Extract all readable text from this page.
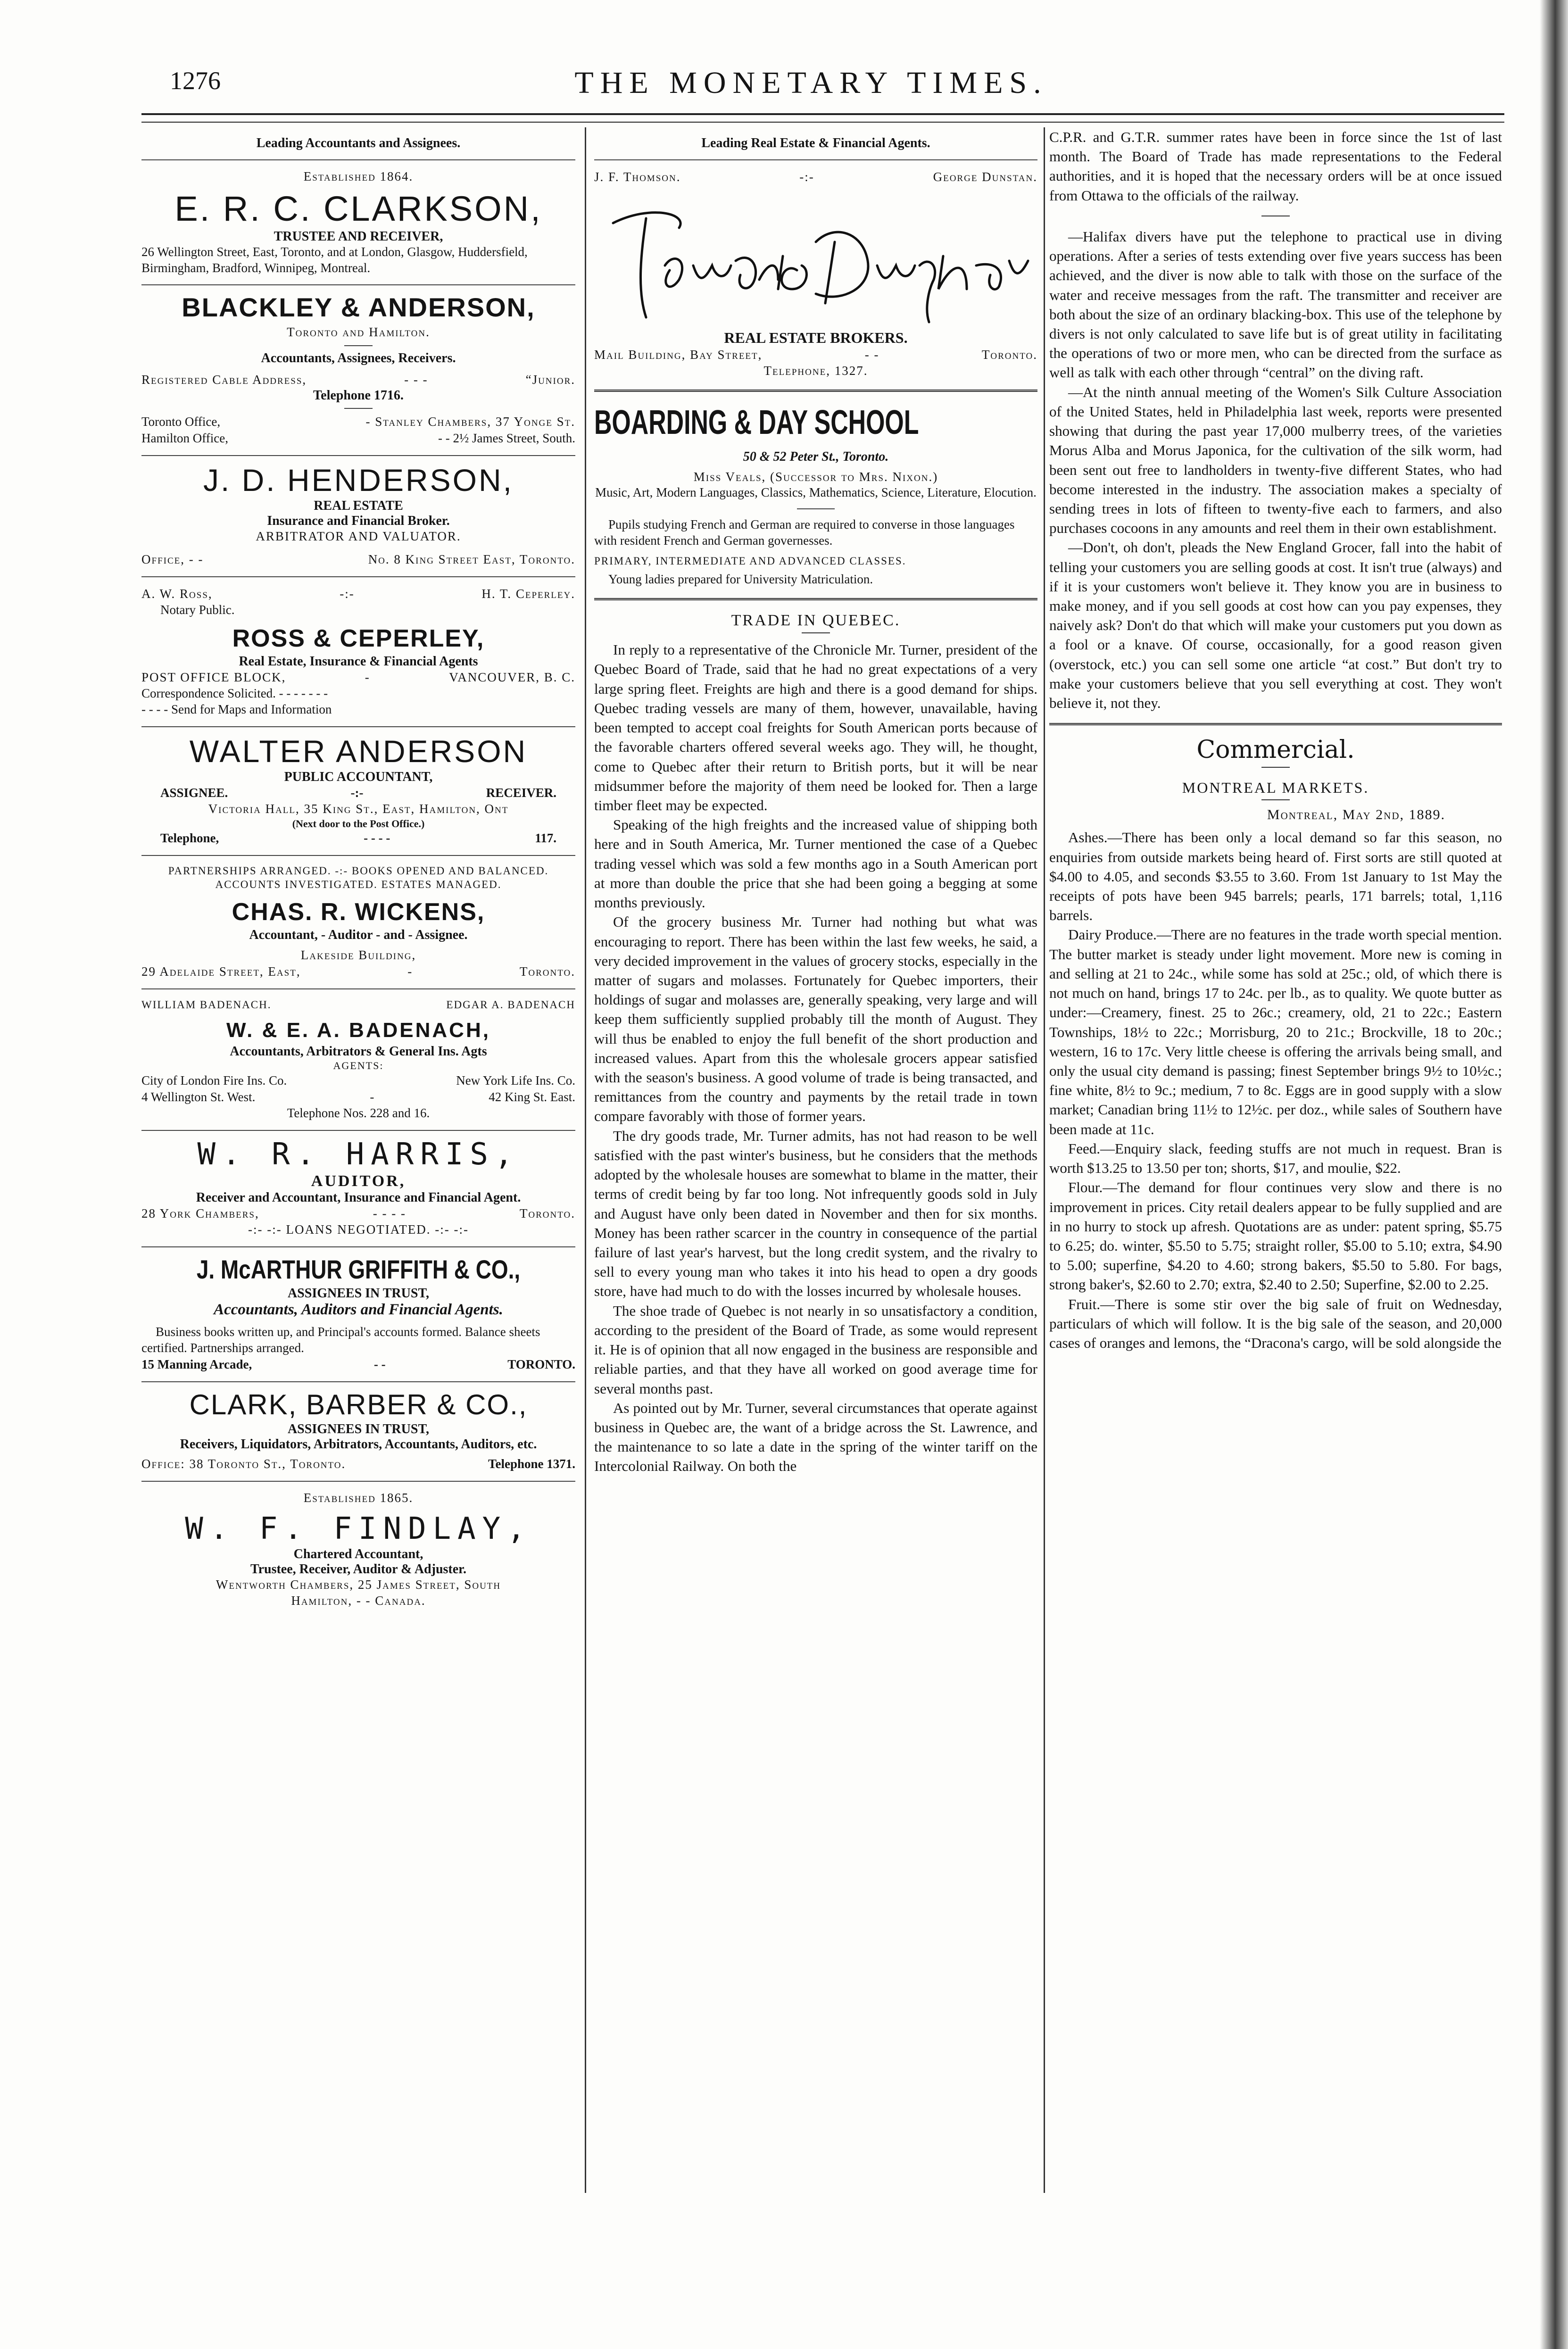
1276	THE MONETARY TIMES.
Leading Accountants and Assignees.
Established 1864.
E. R. C. CLARKSON,
TRUSTEE AND RECEIVER,
26 Wellington Street, East, Toronto, and at London, Glasgow, Huddersfield, Birmingham, Bradford, Winnipeg, Montreal.
BLACKLEY & ANDERSON,
Toronto and Hamilton.
Accountants, Assignees, Receivers.
Registered Cable Address,	- - -	“Junior.
Telephone 1716.
Toronto Office,	- Stanley Chambers, 37 Yonge St.
Hamilton Office,	- - 2½ James Street, South.
J. D. HENDERSON,
REAL ESTATE
Insurance and Financial Broker.
ARBITRATOR AND VALUATOR.
Office, - -	No. 8 King Street East, Toronto.
A. W. Ross,	-:-	H. T. Ceperley.
Notary Public.
ROSS & CEPERLEY,
Real Estate, Insurance & Financial Agents
POST OFFICE BLOCK,	-	VANCOUVER, B. C.
Correspondence Solicited. - - - - - - -
- - - - Send for Maps and Information
WALTER ANDERSON
PUBLIC ACCOUNTANT,
ASSIGNEE.	-:-	RECEIVER.
Victoria Hall, 35 King St., East, Hamilton, Ont
(Next door to the Post Office.)
Telephone,	- - - -	117.
PARTNERSHIPS ARRANGED. -:- BOOKS OPENED AND BALANCED. ACCOUNTS INVESTIGATED. ESTATES MANAGED.
CHAS. R. WICKENS,
Accountant, - Auditor - and - Assignee.
Lakeside Building,
29 Adelaide Street, East,	-	Toronto.
WILLIAM BADENACH.	EDGAR A. BADENACH
W. & E. A. BADENACH,
Accountants, Arbitrators & General Ins. Agts
AGENTS:
City of London Fire Ins. Co.	New York Life Ins. Co.
4 Wellington St. West.	-	42 King St. East.
Telephone Nos. 228 and 16.
W. R. HARRIS,
AUDITOR,
Receiver and Accountant, Insurance and Financial Agent.
28 York Chambers,	- - - -	Toronto.
-:- -:- LOANS NEGOTIATED. -:- -:-
J. McARTHUR GRIFFITH & CO.,
ASSIGNEES IN TRUST,
Accountants, Auditors and Financial Agents.
Business books written up, and Principal's accounts formed. Balance sheets certified. Partnerships arranged.
15 Manning Arcade,	- -	TORONTO.
CLARK, BARBER & CO.,
ASSIGNEES IN TRUST,
Receivers, Liquidators, Arbitrators, Accountants, Auditors, etc.
Office: 38 Toronto St., Toronto.	Telephone 1371.
Established 1865.
W. F. FINDLAY,
Chartered Accountant,
Trustee, Receiver, Auditor & Adjuster.
Wentworth Chambers, 25 James Street, South
Hamilton, - - Canada.
Leading Real Estate & Financial Agents.
J. F. Thomson.	-:-	George Dunstan.
REAL ESTATE BROKERS.
Mail Building, Bay Street,	- -	Toronto.
Telephone, 1327.
BOARDING & DAY SCHOOL

50 & 52 Peter St., Toronto.
Miss Veals, (Successor to Mrs. Nixon.)
Music, Art, Modern Languages, Classics, Mathematics, Science, Literature, Elocution.
Pupils studying French and German are required to converse in those languages with resident French and German governesses.
PRIMARY, INTERMEDIATE AND ADVANCED CLASSES.
Young ladies prepared for University Matriculation.
TRADE IN QUEBEC.

In reply to a representative of the Chronicle Mr. Turner, president of the Quebec Board of Trade, said that he had no great expectations of a very large spring fleet. Freights are high and there is a good demand for ships. Quebec trading vessels are many of them, however, unavailable, having been tempted to accept coal freights for South American ports because of the favorable charters offered several weeks ago. They will, he thought, come to Quebec after their return to British ports, but it will be near midsummer before the majority of them need be looked for. Then a large timber fleet may be expected.

Speaking of the high freights and the increased value of shipping both here and in South America, Mr. Turner mentioned the case of a Quebec trading vessel which was sold a few months ago in a South American port at more than double the price that she had been going a begging at some months previously.

Of the grocery business Mr. Turner had nothing but what was encouraging to report. There has been within the last few weeks, he said, a very decided improvement in the values of grocery stocks, especially in the matter of sugars and molasses. Fortunately for Quebec importers, their holdings of sugar and molasses are, generally speaking, very large and will keep them sufficiently supplied probably till the month of August. They will thus be enabled to enjoy the full benefit of the short production and increased values. Apart from this the wholesale grocers appear satisfied with the season's business. A good volume of trade is being transacted, and remittances from the country and payments by the retail trade in town compare favorably with those of former years.

The dry goods trade, Mr. Turner admits, has not had reason to be well satisfied with the past winter's business, but he considers that the methods adopted by the wholesale houses are somewhat to blame in the matter, their terms of credit being by far too long. Not infrequently goods sold in July and August have only been dated in November and then for six months. Money has been rather scarcer in the country in consequence of the partial failure of last year's harvest, but the long credit system, and the rivalry to sell to every young man who takes it into his head to open a dry goods store, have had much to do with the losses incurred by wholesale houses.

The shoe trade of Quebec is not nearly in so unsatisfactory a condition, according to the president of the Board of Trade, as some would represent it. He is of opinion that all now engaged in the business are responsible and reliable parties, and that they have all worked on good average time for several months past.

As pointed out by Mr. Turner, several circumstances that operate against business in Quebec are, the want of a bridge across the St. Lawrence, and the maintenance to so late a date in the spring of the winter tariff on the Intercolonial Railway. On both the

C.P.R. and G.T.R. summer rates have been in force since the 1st of last month. The Board of Trade has made representations to the Federal authorities, and it is hoped that the necessary orders will be at once issued from Ottawa to the officials of the railway.

—Halifax divers have put the telephone to practical use in diving operations. After a series of tests extending over five years success has been achieved, and the diver is now able to talk with those on the surface of the water and receive messages from the raft. The transmitter and receiver are both about the size of an ordinary blacking-box. This use of the telephone by divers is not only calculated to save life but is of great utility in facilitating the operations of two or more men, who can be directed from the surface as well as talk with each other through “central” on the diving raft.

—At the ninth annual meeting of the Women's Silk Culture Association of the United States, held in Philadelphia last week, reports were presented showing that during the past year 17,000 mulberry trees, of the varieties Morus Alba and Morus Japonica, for the cultivation of the silk worm, had been sent out free to landholders in twenty-five different States, who had become interested in the industry. The association makes a specialty of sending trees in lots of fifteen to twenty-five each to farmers, and also purchases cocoons in any amounts and reel them in their own establishment.

—Don't, oh don't, pleads the New England Grocer, fall into the habit of telling your customers you are selling goods at cost. It isn't true (always) and if it is your customers won't believe it. They know you are in business to make money, and if you sell goods at cost how can you pay expenses, they naively ask? Don't do that which will make your customers put you down as a fool or a knave. Of course, occasionally, for a good reason given (overstock, etc.) you can sell some one article “at cost.” But don't try to make your customers believe that you sell everything at cost. They won't believe it, not they.

Commercial.
MONTREAL MARKETS.
Montreal, May 2nd, 1889.

Ashes.—There has been only a local demand so far this season, no enquiries from outside markets being heard of. First sorts are still quoted at $4.00 to 4.05, and seconds $3.55 to 3.60. From 1st January to 1st May the receipts of pots have been 945 barrels; pearls, 171 barrels; total, 1,116 barrels.

Dairy Produce.—There are no features in the trade worth special mention. The butter market is steady under light movement. More new is coming in and selling at 21 to 24c., while some has sold at 25c.; old, of which there is not much on hand, brings 17 to 24c. per lb., as to quality. We quote butter as under:—Creamery, finest. 25 to 26c.; creamery, old, 21 to 22c.; Eastern Townships, 18½ to 22c.; Morrisburg, 20 to 21c.; Brockville, 18 to 20c.; western, 16 to 17c. Very little cheese is offering the arrivals being small, and only the usual city demand is passing; finest September brings 9½ to 10½c.; fine white, 8½ to 9c.; medium, 7 to 8c. Eggs are in good supply with a slow market; Canadian bring 11½ to 12½c. per doz., while sales of Southern have been made at 11c.

Feed.—Enquiry slack, feeding stuffs are not much in request. Bran is worth $13.25 to 13.50 per ton; shorts, $17, and moulie, $22.

Flour.—The demand for flour continues very slow and there is no improvement in prices. City retail dealers appear to be fully supplied and are in no hurry to stock up afresh. Quotations are as under: patent spring, $5.75 to 6.25; do. winter, $5.50 to 5.75; straight roller, $5.00 to 5.10; extra, $4.90 to 5.00; superfine, $4.20 to 4.60; strong bakers, $5.50 to 5.80. For bags, strong baker's, $2.60 to 2.70; extra, $2.40 to 2.50; Superfine, $2.00 to 2.25.

Fruit.—There is some stir over the big sale of fruit on Wednesday, particulars of which will follow. It is the big sale of the season, and 20,000 cases of oranges and lemons, the “Dracona's cargo, will be sold alongside the
